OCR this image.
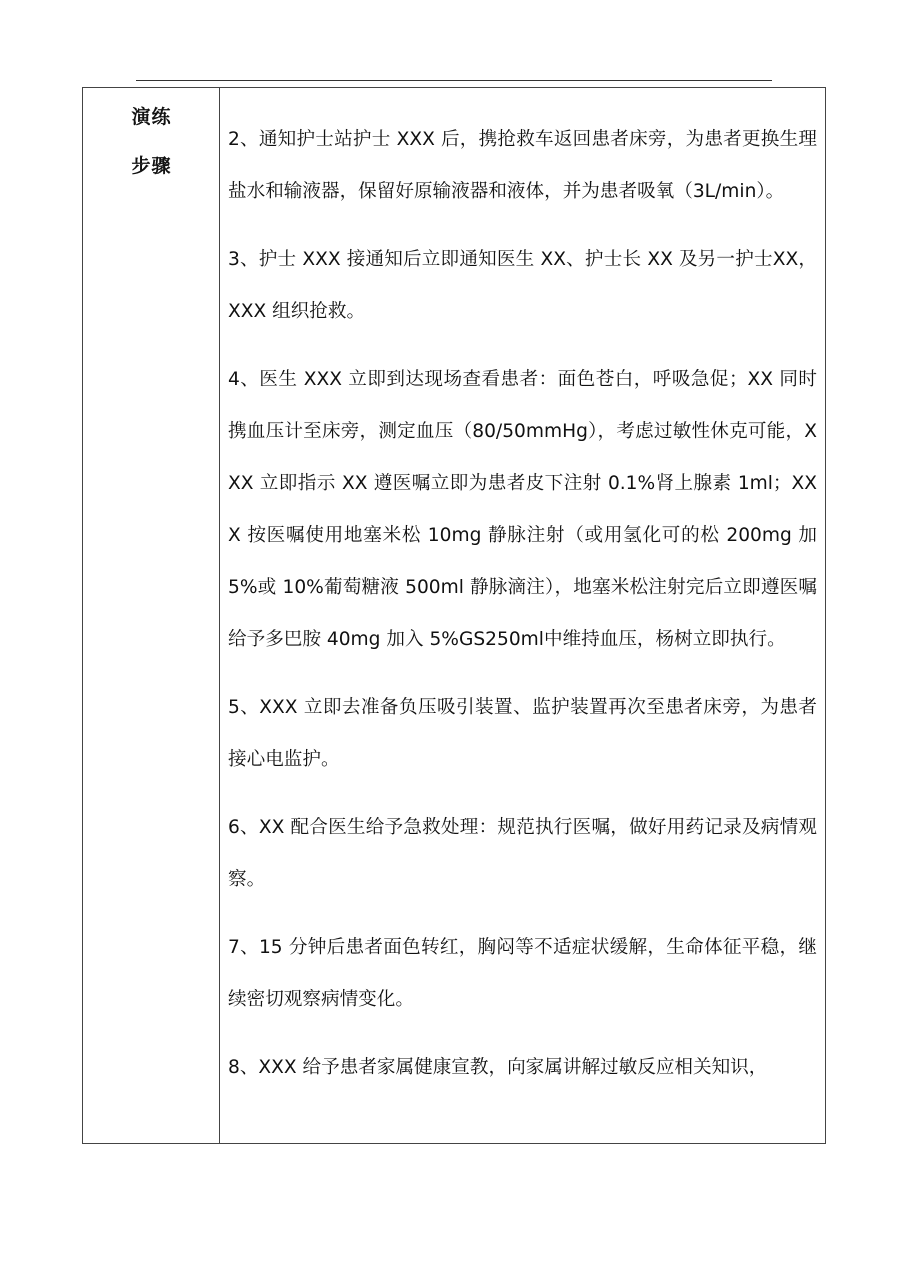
演练
步骤

2、通知护士站护士 XXX 后，携抢救车返回患者床旁，为患者更换生理盐水和输液器，保留好原输液器和液体，并为患者吸氧（3L/min）。

3、护士 XXX 接通知后立即通知医生 XX、护士长 XX 及另一护士XX，XXX 组织抢救。

4、医生 XXX 立即到达现场查看患者：面色苍白，呼吸急促；XX 同时携血压计至床旁，测定血压（80/50mmHg），考虑过敏性休克可能，XXX 立即指示 XX 遵医嘱立即为患者皮下注射 0.1%肾上腺素 1ml；XXX 按医嘱使用地塞米松 10mg 静脉注射（或用氢化可的松 200mg 加 5%或 10%葡萄糖液 500ml 静脉滴注），地塞米松注射完后立即遵医嘱给予多巴胺 40mg 加入 5%GS250ml中维持血压，杨树立即执行。

5、XXX 立即去准备负压吸引装置、监护装置再次至患者床旁，为患者接心电监护。

6、XX 配合医生给予急救处理：规范执行医嘱，做好用药记录及病情观察。

7、15 分钟后患者面色转红，胸闷等不适症状缓解，生命体征平稳，继续密切观察病情变化。

8、XXX 给予患者家属健康宣教，向家属讲解过敏反应相关知识，
